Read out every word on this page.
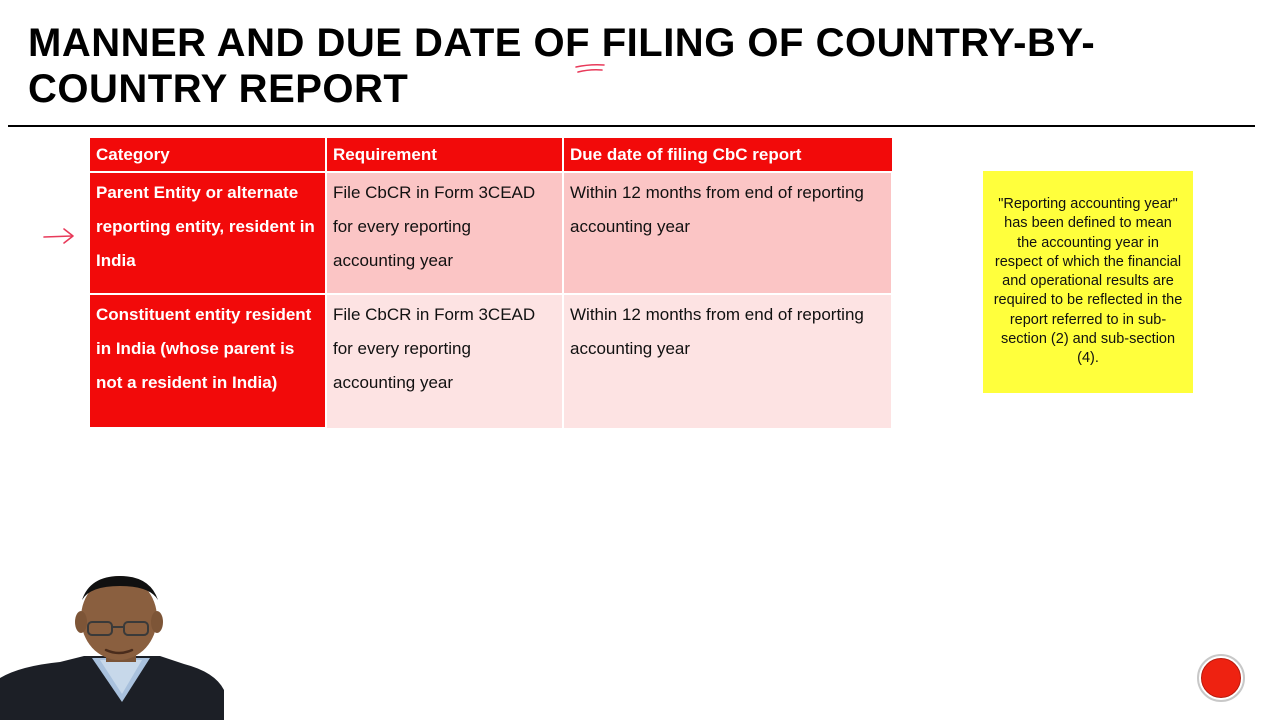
MANNER AND DUE DATE OF FILING OF COUNTRY-BY-COUNTRY REPORT
Category	Requirement	Due date of filing CbC report
Parent Entity or alternate reporting entity, resident in India	File CbCR in Form 3CEAD for every reporting accounting year	Within 12 months from end of reporting accounting year
Constituent entity resident in India (whose parent is not a resident in India)	File CbCR in Form 3CEAD for every reporting accounting year	Within 12 months from end of reporting accounting year
"Reporting accounting year" has been defined to mean the accounting year in respect of which the financial and operational results are required to be reflected in the report referred to in sub-section (2) and sub-section (4).
